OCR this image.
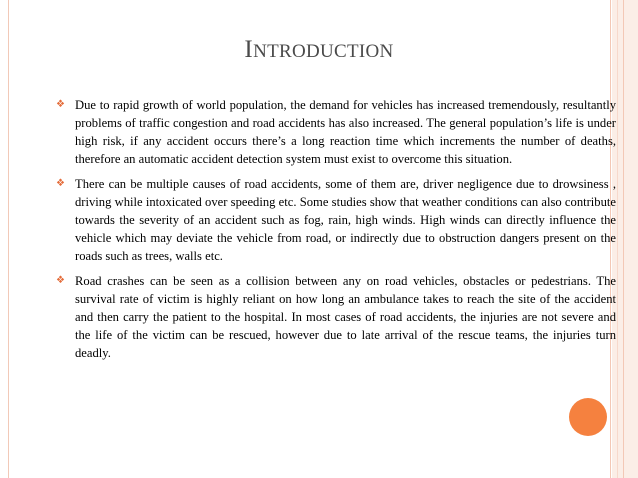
INTRODUCTION
❖ Due to rapid growth of world population, the demand for vehicles has increased tremendously, resultantly problems of traffic congestion and road accidents has also increased. The general population’s life is under high risk, if any accident occurs there’s a long reaction time which increments the number of deaths, therefore an automatic accident detection system must exist to overcome this situation.
❖ There can be multiple causes of road accidents, some of them are, driver negligence due to drowsiness , driving while intoxicated over speeding etc. Some studies show that weather conditions can also contribute towards the severity of an accident such as fog, rain, high winds. High winds can directly influence the vehicle which may deviate the vehicle from road, or indirectly due to obstruction dangers present on the roads such as trees, walls etc.
❖ Road crashes can be seen as a collision between any on road vehicles, obstacles or pedestrians. The survival rate of victim is highly reliant on how long an ambulance takes to reach the site of the accident and then carry the patient to the hospital. In most cases of road accidents, the injuries are not severe and the life of the victim can be rescued, however due to late arrival of the rescue teams, the injuries turn deadly.
